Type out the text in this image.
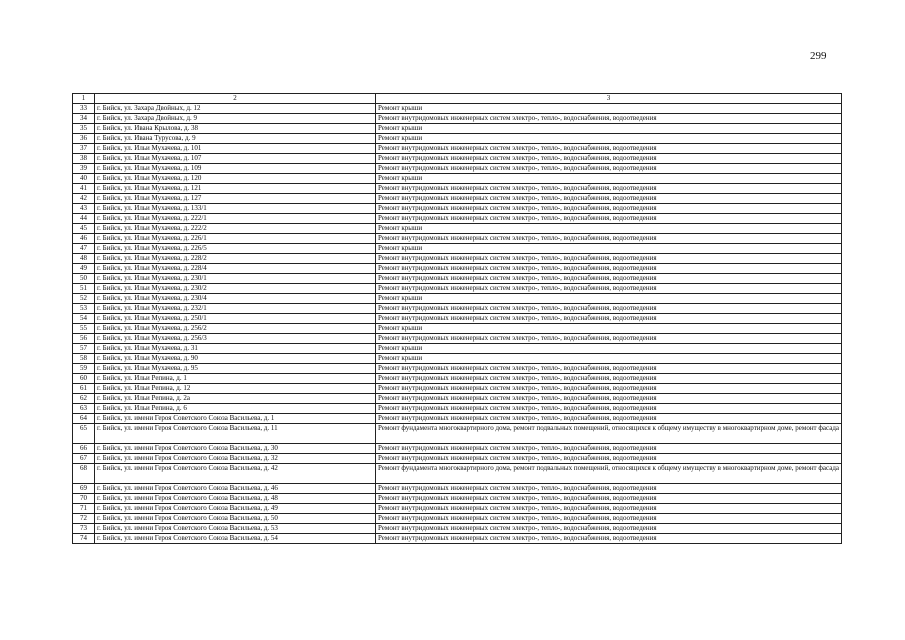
299
1	2	3
33	г. Бийск, ул. Захара Двойных, д. 12	Ремонт крыши
34	г. Бийск, ул. Захара Двойных, д. 9	Ремонт внутридомовых инженерных систем электро-, тепло-, водоснабжения, водоотведения
35	г. Бийск, ул. Ивана Крылова, д. 38	Ремонт крыши
36	г. Бийск, ул. Ивана Турусова, д. 9	Ремонт крыши
37	г. Бийск, ул. Ильи Мухачева, д. 101	Ремонт внутридомовых инженерных систем электро-, тепло-, водоснабжения, водоотведения
38	г. Бийск, ул. Ильи Мухачева, д. 107	Ремонт внутридомовых инженерных систем электро-, тепло-, водоснабжения, водоотведения
39	г. Бийск, ул. Ильи Мухачева, д. 109	Ремонт внутридомовых инженерных систем электро-, тепло-, водоснабжения, водоотведения
40	г. Бийск, ул. Ильи Мухачева, д. 120	Ремонт крыши
41	г. Бийск, ул. Ильи Мухачева, д. 121	Ремонт внутридомовых инженерных систем электро-, тепло-, водоснабжения, водоотведения
42	г. Бийск, ул. Ильи Мухачева, д. 127	Ремонт внутридомовых инженерных систем электро-, тепло-, водоснабжения, водоотведения
43	г. Бийск, ул. Ильи Мухачева, д. 133/1	Ремонт внутридомовых инженерных систем электро-, тепло-, водоснабжения, водоотведения
44	г. Бийск, ул. Ильи Мухачева, д. 222/1	Ремонт внутридомовых инженерных систем электро-, тепло-, водоснабжения, водоотведения
45	г. Бийск, ул. Ильи Мухачева, д. 222/2	Ремонт крыши
46	г. Бийск, ул. Ильи Мухачева, д. 226/1	Ремонт внутридомовых инженерных систем электро-, тепло-, водоснабжения, водоотведения
47	г. Бийск, ул. Ильи Мухачева, д. 226/5	Ремонт крыши
48	г. Бийск, ул. Ильи Мухачева, д. 228/2	Ремонт внутридомовых инженерных систем электро-, тепло-, водоснабжения, водоотведения
49	г. Бийск, ул. Ильи Мухачева, д. 228/4	Ремонт внутридомовых инженерных систем электро-, тепло-, водоснабжения, водоотведения
50	г. Бийск, ул. Ильи Мухачева, д. 230/1	Ремонт внутридомовых инженерных систем электро-, тепло-, водоснабжения, водоотведения
51	г. Бийск, ул. Ильи Мухачева, д. 230/2	Ремонт внутридомовых инженерных систем электро-, тепло-, водоснабжения, водоотведения
52	г. Бийск, ул. Ильи Мухачева, д. 230/4	Ремонт крыши
53	г. Бийск, ул. Ильи Мухачева, д. 232/1	Ремонт внутридомовых инженерных систем электро-, тепло-, водоснабжения, водоотведения
54	г. Бийск, ул. Ильи Мухачева, д. 250/1	Ремонт внутридомовых инженерных систем электро-, тепло-, водоснабжения, водоотведения
55	г. Бийск, ул. Ильи Мухачева, д. 256/2	Ремонт крыши
56	г. Бийск, ул. Ильи Мухачева, д. 256/3	Ремонт внутридомовых инженерных систем электро-, тепло-, водоснабжения, водоотведения
57	г. Бийск, ул. Ильи Мухачева, д. 31	Ремонт крыши
58	г. Бийск, ул. Ильи Мухачева, д. 90	Ремонт крыши
59	г. Бийск, ул. Ильи Мухачева, д. 95	Ремонт внутридомовых инженерных систем электро-, тепло-, водоснабжения, водоотведения
60	г. Бийск, ул. Ильи Репина, д. 1	Ремонт внутридомовых инженерных систем электро-, тепло-, водоснабжения, водоотведения
61	г. Бийск, ул. Ильи Репина, д. 12	Ремонт внутридомовых инженерных систем электро-, тепло-, водоснабжения, водоотведения
62	г. Бийск, ул. Ильи Репина, д. 2а	Ремонт внутридомовых инженерных систем электро-, тепло-, водоснабжения, водоотведения
63	г. Бийск, ул. Ильи Репина, д. 6	Ремонт внутридомовых инженерных систем электро-, тепло-, водоснабжения, водоотведения
64	г. Бийск, ул. имени Героя Советского Союза Васильева, д. 1	Ремонт внутридомовых инженерных систем электро-, тепло-, водоснабжения, водоотведения
65	г. Бийск, ул. имени Героя Советского Союза Васильева, д. 11	Ремонт фундамента многоквартирного дома, ремонт подвальных помещений, относящихся к общему имуществу в многоквартирном доме, ремонт фасада
66	г. Бийск, ул. имени Героя Советского Союза Васильева, д. 30	Ремонт внутридомовых инженерных систем электро-, тепло-, водоснабжения, водоотведения
67	г. Бийск, ул. имени Героя Советского Союза Васильева, д. 32	Ремонт внутридомовых инженерных систем электро-, тепло-, водоснабжения, водоотведения
68	г. Бийск, ул. имени Героя Советского Союза Васильева, д. 42	Ремонт фундамента многоквартирного дома, ремонт подвальных помещений, относящихся к общему имуществу в многоквартирном доме, ремонт фасада
69	г. Бийск, ул. имени Героя Советского Союза Васильева, д. 46	Ремонт внутридомовых инженерных систем электро-, тепло-, водоснабжения, водоотведения
70	г. Бийск, ул. имени Героя Советского Союза Васильева, д. 48	Ремонт внутридомовых инженерных систем электро-, тепло-, водоснабжения, водоотведения
71	г. Бийск, ул. имени Героя Советского Союза Васильева, д. 49	Ремонт внутридомовых инженерных систем электро-, тепло-, водоснабжения, водоотведения
72	г. Бийск, ул. имени Героя Советского Союза Васильева, д. 50	Ремонт внутридомовых инженерных систем электро-, тепло-, водоснабжения, водоотведения
73	г. Бийск, ул. имени Героя Советского Союза Васильева, д. 53	Ремонт внутридомовых инженерных систем электро-, тепло-, водоснабжения, водоотведения
74	г. Бийск, ул. имени Героя Советского Союза Васильева, д. 54	Ремонт внутридомовых инженерных систем электро-, тепло-, водоснабжения, водоотведения
